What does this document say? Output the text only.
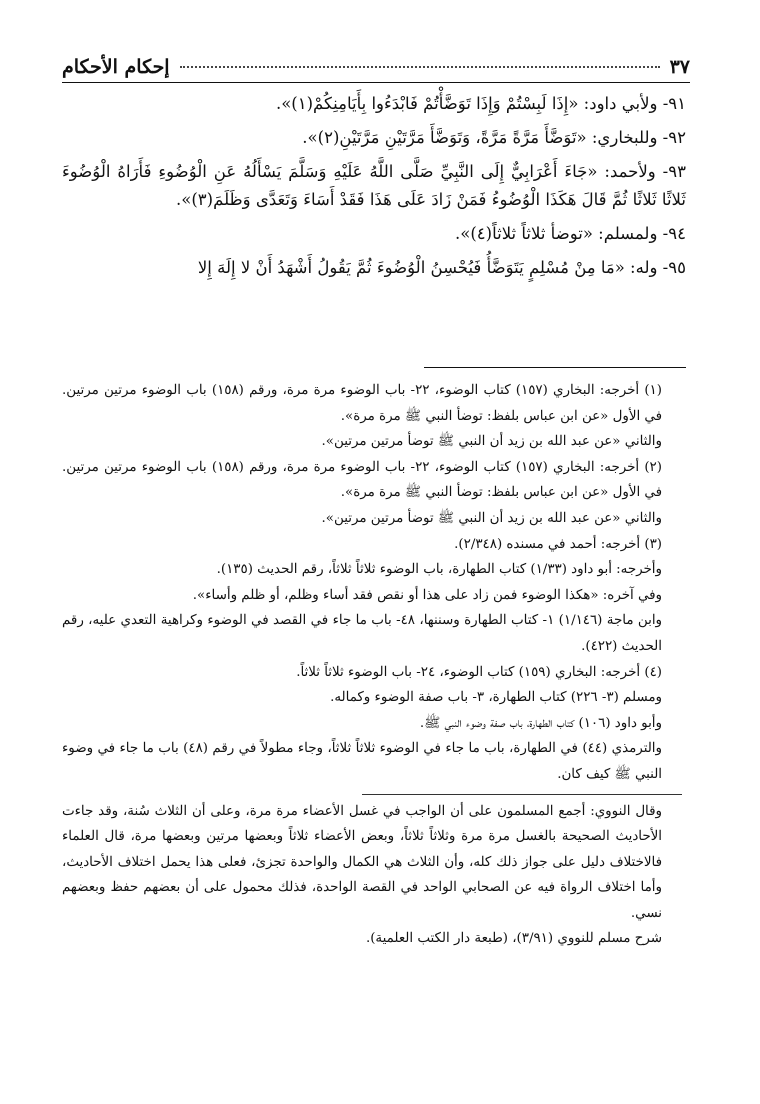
٣٧
إحكام الأحكام

٩١- ولأبي داود: «إِذَا لَبِسْتُمْ وَإِذَا تَوَضَّأْتُمْ فَابْدَءُوا بِأَيَامِنِكُمْ(١)».

٩٢- وللبخاري: «تَوَضَّأَ مَرَّةً مَرَّةً، وَتَوَضَّأَ مَرَّتَيْنِ مَرَّتَيْنِ(٢)».

٩٣- ولأحمد: «جَاءَ أَعْرَابِيٌّ إِلَى النَّبِيِّ صَلَّى اللَّهُ عَلَيْهِ وَسَلَّمَ يَسْأَلُهُ عَنِ الْوُضُوءِ فَأَرَاهُ الْوُضُوءَ ثَلاثًا ثَلاثًا ثُمَّ قَالَ هَكَذَا الْوُضُوءُ فَمَنْ زَادَ عَلَى هَذَا فَقَدْ أَسَاءَ وَتَعَدَّى وَظَلَمَ(٣)».

٩٤- ولمسلم: «توضأ ثلاثاً ثلاثاً(٤)».

٩٥- وله: «مَا مِنْ مُسْلِمٍ يَتَوَضَّأُ فَيُحْسِنُ الْوُضُوءَ ثُمَّ يَقُولُ أَشْهَدُ أَنْ لا إِلَهَ إِلا

(١) أخرجه: البخاري (١٥٧) كتاب الوضوء، ٢٢- باب الوضوء مرة مرة، ورقم (١٥٨) باب الوضوء مرتين مرتين. في الأول «عن ابن عباس بلفظ: توضأ النبي ﷺ مرة مرة».

والثاني «عن عبد الله بن زيد أن النبي ﷺ توضأ مرتين مرتين».

(٢) أخرجه: البخاري (١٥٧) كتاب الوضوء، ٢٢- باب الوضوء مرة مرة، ورقم (١٥٨) باب الوضوء مرتين مرتين. في الأول «عن ابن عباس بلفظ: توضأ النبي ﷺ مرة مرة».

والثاني «عن عبد الله بن زيد أن النبي ﷺ توضأ مرتين مرتين».

(٣) أخرجه: أحمد في مسنده (٢/٣٤٨).

وأخرجه: أبو داود (١/٣٣) كتاب الطهارة، باب الوضوء ثلاثاً ثلاثاً، رقم الحديث (١٣٥).

وفي آخره: «هكذا الوضوء فمن زاد على هذا أو نقص فقد أساء وظلم، أو ظلم وأساء».

وابن ماجة (١/١٤٦) ١- كتاب الطهارة وسننها، ٤٨- باب ما جاء في القصد في الوضوء وكراهية التعدي عليه، رقم الحديث (٤٢٢).

(٤) أخرجه: البخاري (١٥٩) كتاب الوضوء، ٢٤- باب الوضوء ثلاثاً ثلاثاً.

ومسلم (٣- ٢٢٦) كتاب الطهارة، ٣- باب صفة الوضوء وكماله.

وأبو داود (١٠٦) كتاب الطهارة، باب صفة وضوء النبي ﷺ.

والترمذي (٤٤) في الطهارة، باب ما جاء في الوضوء ثلاثاً ثلاثاً، وجاء مطولاً في رقم (٤٨) باب ما جاء في وضوء النبي ﷺ كيف كان.

وقال النووي: أجمع المسلمون على أن الواجب في غسل الأعضاء مرة مرة، وعلى أن الثلاث سُنة، وقد جاءت الأحاديث الصحيحة بالغسل مرة مرة وثلاثاً ثلاثاً، وبعض الأعضاء ثلاثاً وبعضها مرتين وبعضها مرة، قال العلماء فالاختلاف دليل على جواز ذلك كله، وأن الثلاث هي الكمال والواحدة تجزئ، فعلى هذا يحمل اختلاف الأحاديث، وأما اختلاف الرواة فيه عن الصحابي الواحد في القصة الواحدة، فذلك محمول على أن بعضهم حفظ وبعضهم نسي.

شرح مسلم للنووي (٣/٩١)، (طبعة دار الكتب العلمية).
